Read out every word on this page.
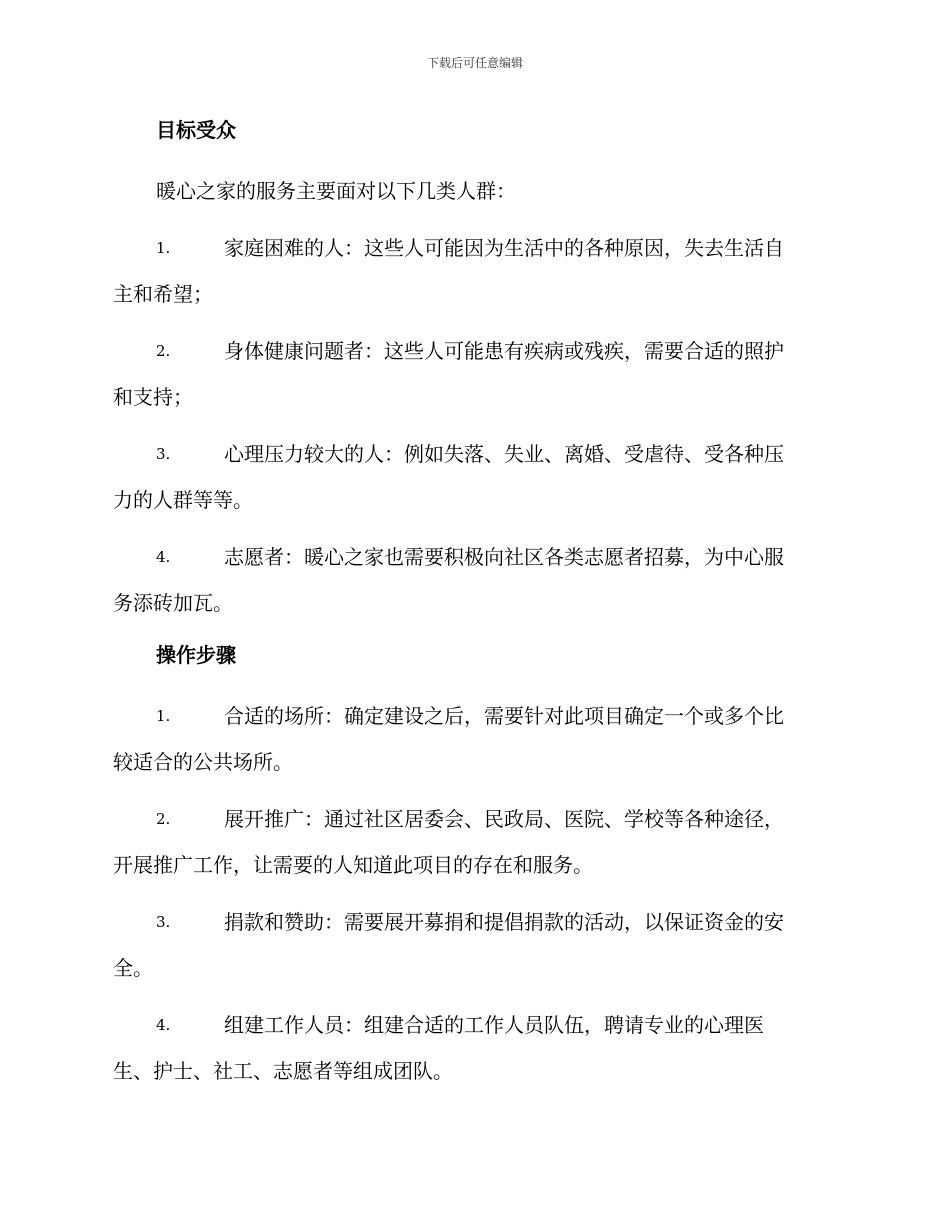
下载后可任意编辑
目标受众
暖心之家的服务主要面对以下几类人群：
1.	家庭困难的人：这些人可能因为生活中的各种原因，失去生活自
主和希望；
2.	身体健康问题者：这些人可能患有疾病或残疾，需要合适的照护
和支持；
3.	心理压力较大的人：例如失落、失业、离婚、受虐待、受各种压
力的人群等等。
4.	志愿者：暖心之家也需要积极向社区各类志愿者招募，为中心服
务添砖加瓦。
操作步骤
1.	合适的场所：确定建设之后，需要针对此项目确定一个或多个比
较适合的公共场所。
2.	展开推广：通过社区居委会、民政局、医院、学校等各种途径，
开展推广工作，让需要的人知道此项目的存在和服务。
3.	捐款和赞助：需要展开募捐和提倡捐款的活动，以保证资金的安
全。
4.	组建工作人员：组建合适的工作人员队伍，聘请专业的心理医
生、护士、社工、志愿者等组成团队。
